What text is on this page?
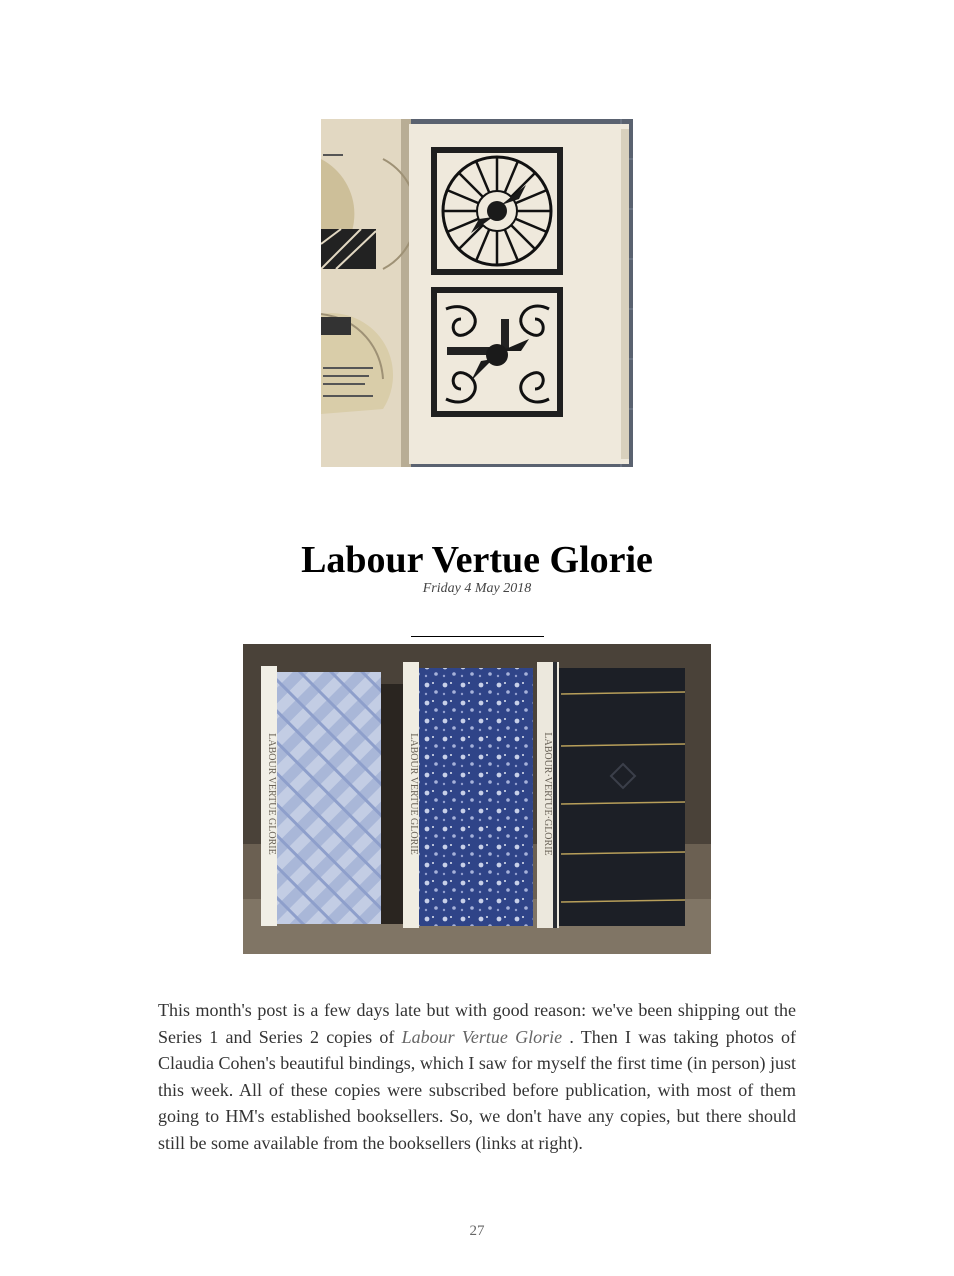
Labour Vertue Glorie
Friday 4 May 2018
LABOUR VERTUE GLORIE	LABOUR VERTUE GLORIE	LABOUR·VERTUE·GLORIE

This month's post is a few days late but with good reason: we've been shipping out the Series 1 and Series 2 copies of Labour Vertue Glorie . Then I was taking photos of Claudia Cohen's beautiful bindings, which I saw for myself the first time (in person) just this week. All of these copies were subscribed before publication, with most of them going to HM's established booksellers. So, we don't have any copies, but there should still be some available from the booksellers (links at right).

27
